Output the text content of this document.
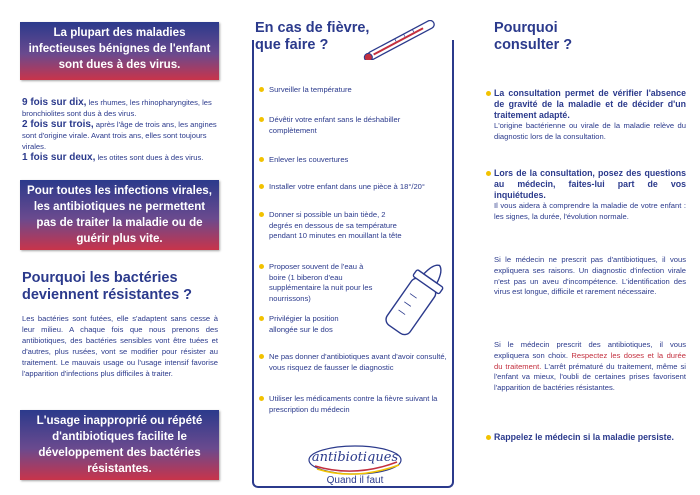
La plupart des maladies infectieuses bénignes de l'enfant sont dues à des virus.

9 fois sur dix, les rhumes, les rhinopharyngites, les bronchiolites sont dus à des virus.

2 fois sur trois, après l'âge de trois ans, les angines sont d'origine virale. Avant trois ans, elles sont toujours virales.

1 fois sur deux, les otites sont dues à des virus.

Pour toutes les infections virales, les antibiotiques ne permettent pas de traiter la maladie ou de guérir plus vite.
Pourquoi les bactéries deviennent résistantes ?
Les bactéries sont futées, elle s'adaptent sans cesse à leur milieu. A chaque fois que nous prenons des antibiotiques, des bactéries sensibles vont être tuées et d'autres, plus rusées, vont se modifier pour résister au traitement. Le mauvais usage ou l'usage intensif favorise l'apparition d'infections plus difficiles à traiter.
L'usage inapproprié ou répété d'antibiotiques facilite le développement des bactéries résistantes.
En cas de fièvre, que faire ?
Surveiller la température
Dévêtir votre enfant sans le déshabiller complètement
Enlever les couvertures
Installer votre enfant dans une pièce à 18°/20°
Donner si possible un bain tiède, 2 degrés en dessous de sa température pendant 10 minutes en mouillant la tête
Proposer souvent de l'eau à boire (1 biberon d'eau supplémentaire la nuit pour les nourrissons)
Privilégier la position allongée sur le dos
Ne pas donner d'antibiotiques avant d'avoir consulté, vous risquez de fausser le diagnostic
Utiliser les médicaments contre la fièvre suivant la prescription du médecin
antibiotiques
Quand il faut
Pourquoi consulter ?
La consultation permet de vérifier l'absence de gravité de la maladie et de décider d'un traitement adapté.
L'origine bactérienne ou virale de la maladie relève du diagnostic lors de la consultation.
Lors de la consultation, posez des questions au médecin, faites-lui part de vos inquiétudes.
Il vous aidera à comprendre la maladie de votre enfant : les signes, la durée, l'évolution normale.
Si le médecin ne prescrit pas d'antibiotiques, il vous expliquera ses raisons. Un diagnostic d'infection virale n'est pas un aveu d'incompétence. L'identification des virus est longue, difficile et rarement nécessaire.
Si le médecin prescrit des antibiotiques, il vous expliquera son choix. Respectez les doses et la durée du traitement. L'arrêt prématuré du traitement, même si l'enfant va mieux, l'oubli de certaines prises favorisent l'apparition de bactéries résistantes.
Rappelez le médecin si la maladie persiste.
